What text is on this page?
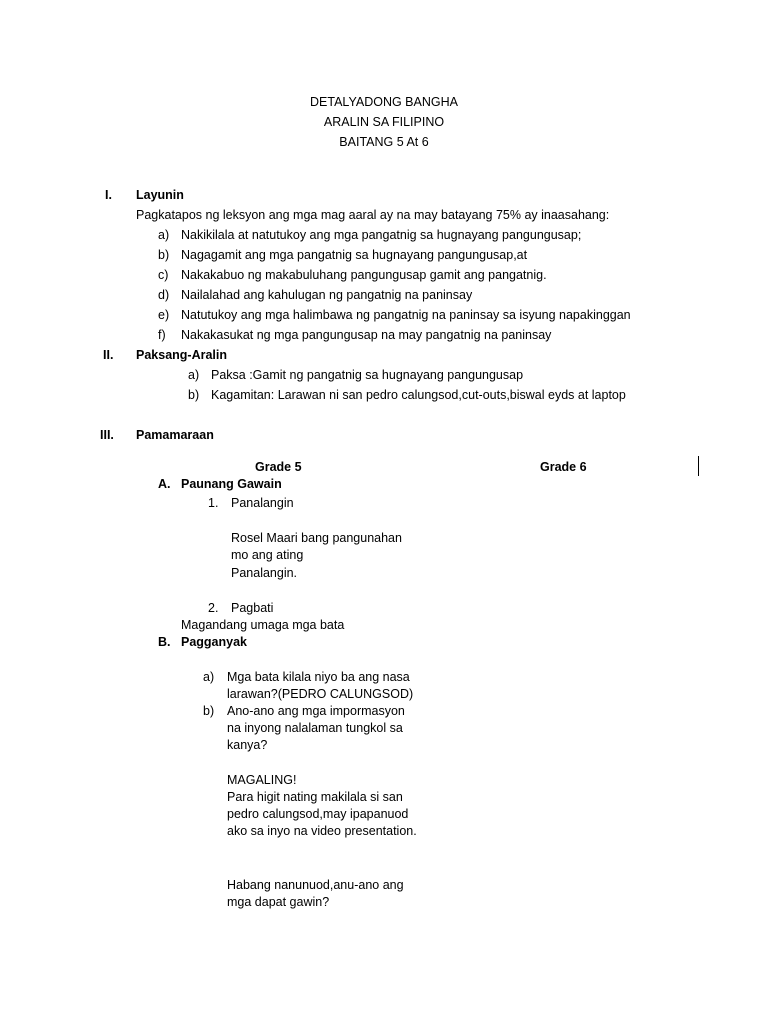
DETALYADONG BANGHA
ARALIN SA FILIPINO
BAITANG 5 At 6
I. Layunin
Pagkatapos ng leksyon ang mga mag aaral ay na may batayang 75% ay inaasahang:
a) Nakikilala at natutukoy ang mga pangatnig sa hugnayang pangungusap;
b) Nagagamit ang mga pangatnig sa hugnayang pangungusap,at
c) Nakakabuo ng makabuluhang pangungusap gamit ang pangatnig.
d) Nailalahad ang kahulugan ng pangatnig na paninsay
e) Natutukoy ang mga halimbawa ng pangatnig na paninsay sa isyung napakinggan
f) Nakakasukat ng mga pangungusap na may pangatnig na paninsay
II. Paksang-Aralin
a) Paksa :Gamit ng pangatnig sa hugnayang pangungusap
b) Kagamitan: Larawan ni san pedro calungsod,cut-outs,biswal eyds at laptop
III. Pamamaraan
Grade 5	Grade 6
A. Paunang Gawain
1. Panalangin
Rosel Maari bang pangunahan
mo ang ating
Panalangin.
2. Pagbati
Magandang umaga mga bata
B. Pagganyak
a) Mga bata kilala niyo ba ang nasa
larawan?(PEDRO CALUNGSOD)
b) Ano-ano ang mga impormasyon
na inyong nalalaman tungkol sa
kanya?
MAGALING!
Para higit nating makilala si san
pedro calungsod,may ipapanuod
ako sa inyo na video presentation.
Habang nanunuod,anu-ano ang
mga dapat gawin?
